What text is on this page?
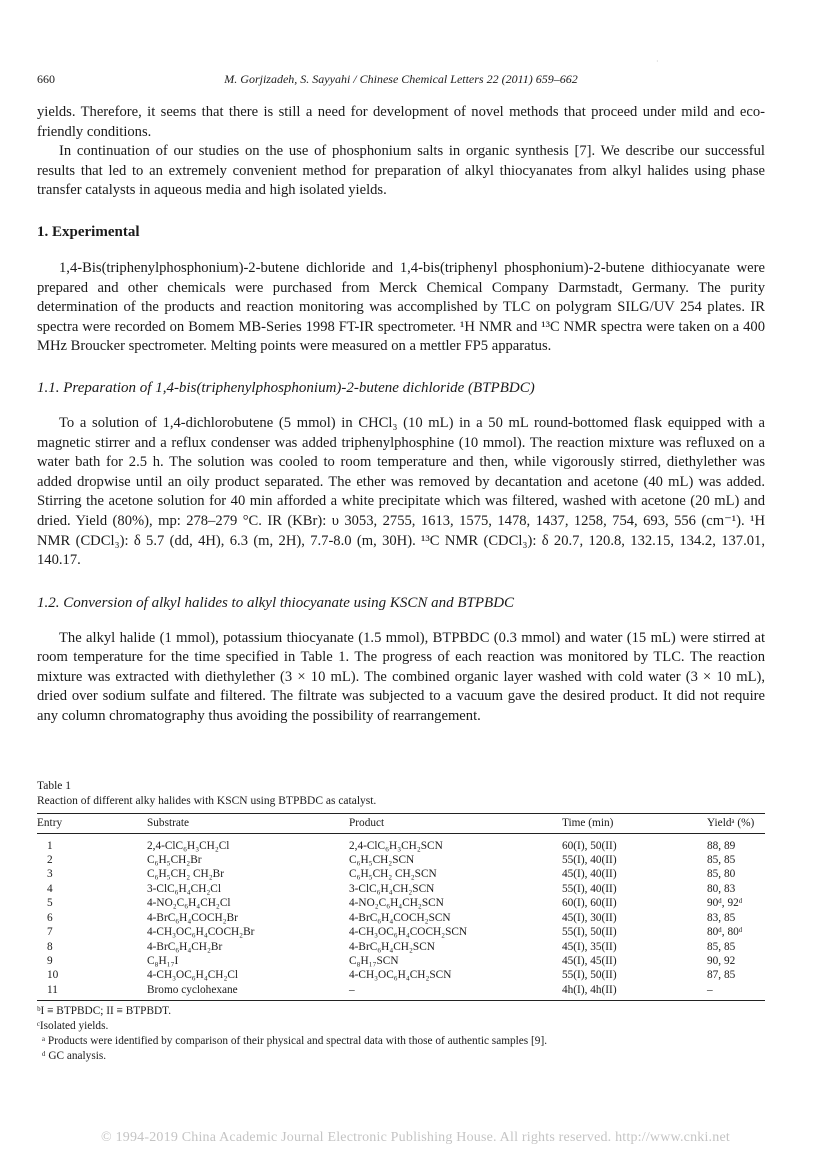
·
660	M. Gorjizadeh, S. Sayyahi / Chinese Chemical Letters 22 (2011) 659–662

yields. Therefore, it seems that there is still a need for development of novel methods that proceed under mild and eco-friendly conditions.

In continuation of our studies on the use of phosphonium salts in organic synthesis [7]. We describe our successful results that led to an extremely convenient method for preparation of alkyl thiocyanates from alkyl halides using phase transfer catalysts in aqueous media and high isolated yields.

1. Experimental

1,4-Bis(triphenylphosphonium)-2-butene dichloride and 1,4-bis(triphenyl phosphonium)-2-butene dithiocyanate were prepared and other chemicals were purchased from Merck Chemical Company Darmstadt, Germany. The purity determination of the products and reaction monitoring was accomplished by TLC on polygram SILG/UV 254 plates. IR spectra were recorded on Bomem MB-Series 1998 FT-IR spectrometer. ¹H NMR and ¹³C NMR spectra were taken on a 400 MHz Broucker spectrometer. Melting points were measured on a mettler FP5 apparatus.

1.1. Preparation of 1,4-bis(triphenylphosphonium)-2-butene dichloride (BTPBDC)

To a solution of 1,4-dichlorobutene (5 mmol) in CHCl₃ (10 mL) in a 50 mL round-bottomed flask equipped with a magnetic stirrer and a reflux condenser was added triphenylphosphine (10 mmol). The reaction mixture was refluxed on a water bath for 2.5 h. The solution was cooled to room temperature and then, while vigorously stirred, diethylether was added dropwise until an oily product separated. The ether was removed by decantation and acetone (40 mL) was added. Stirring the acetone solution for 40 min afforded a white precipitate which was filtered, washed with acetone (20 mL) and dried. Yield (80%), mp: 278–279 °C. IR (KBr): υ 3053, 2755, 1613, 1575, 1478, 1437, 1258, 754, 693, 556 (cm⁻¹). ¹H NMR (CDCl₃): δ 5.7 (dd, 4H), 6.3 (m, 2H), 7.7-8.0 (m, 30H). ¹³C NMR (CDCl₃): δ 20.7, 120.8, 132.15, 134.2, 137.01, 140.17.

1.2. Conversion of alkyl halides to alkyl thiocyanate using KSCN and BTPBDC

The alkyl halide (1 mmol), potassium thiocyanate (1.5 mmol), BTPBDC (0.3 mmol) and water (15 mL) were stirred at room temperature for the time specified in Table 1. The progress of each reaction was monitored by TLC. The reaction mixture was extracted with diethylether (3 × 10 mL). The combined organic layer washed with cold water (3 × 10 mL), dried over sodium sulfate and filtered. The filtrate was subjected to a vacuum gave the desired product. It did not require any column chromatography thus avoiding the possibility of rearrangement.

Table 1
Reaction of different alky halides with KSCN using BTPBDC as catalyst.
Entry	Substrate	Product	Time (min)	Yieldᵃ (%)
1	2,4-ClC₆H₃CH₂Cl	2,4-ClC₆H₃CH₂SCN	60(I), 50(II)	88, 89
2	C₆H₅CH₂Br	C₆H₅CH₂SCN	55(I), 40(II)	85, 85
3	C₆H₅CH₂ CH₂Br	C₆H₅CH₂ CH₂SCN	45(I), 40(II)	85, 80
4	3-ClC₆H₄CH₂Cl	3-ClC₆H₄CH₂SCN	55(I), 40(II)	80, 83
5	4-NO₂C₆H₄CH₂Cl	4-NO₂C₆H₄CH₂SCN	60(I), 60(II)	90ᵈ, 92ᵈ
6	4-BrC₆H₄COCH₂Br	4-BrC₆H₄COCH₂SCN	45(I), 30(II)	83, 85
7	4-CH₃OC₆H₄COCH₂Br	4-CH₃OC₆H₄COCH₂SCN	55(I), 50(II)	80ᵈ, 80ᵈ
8	4-BrC₆H₄CH₂Br	4-BrC₆H₄CH₂SCN	45(I), 35(II)	85, 85
9	C₈H₁₇I	C₈H₁₇SCN	45(I), 45(II)	90, 92
10	4-CH₃OC₆H₄CH₂Cl	4-CH₃OC₆H₄CH₂SCN	55(I), 50(II)	87, 85
11	Bromo cyclohexane	–	4h(I), 4h(II)	–
ᵇI ≡ BTPBDC; II ≡ BTPBDT.
ᶜIsolated yields.
ᵃ Products were identified by comparison of their physical and spectral data with those of authentic samples [9].
ᵈ GC analysis.
© 1994-2019 China Academic Journal Electronic Publishing House. All rights reserved. http://www.cnki.net
